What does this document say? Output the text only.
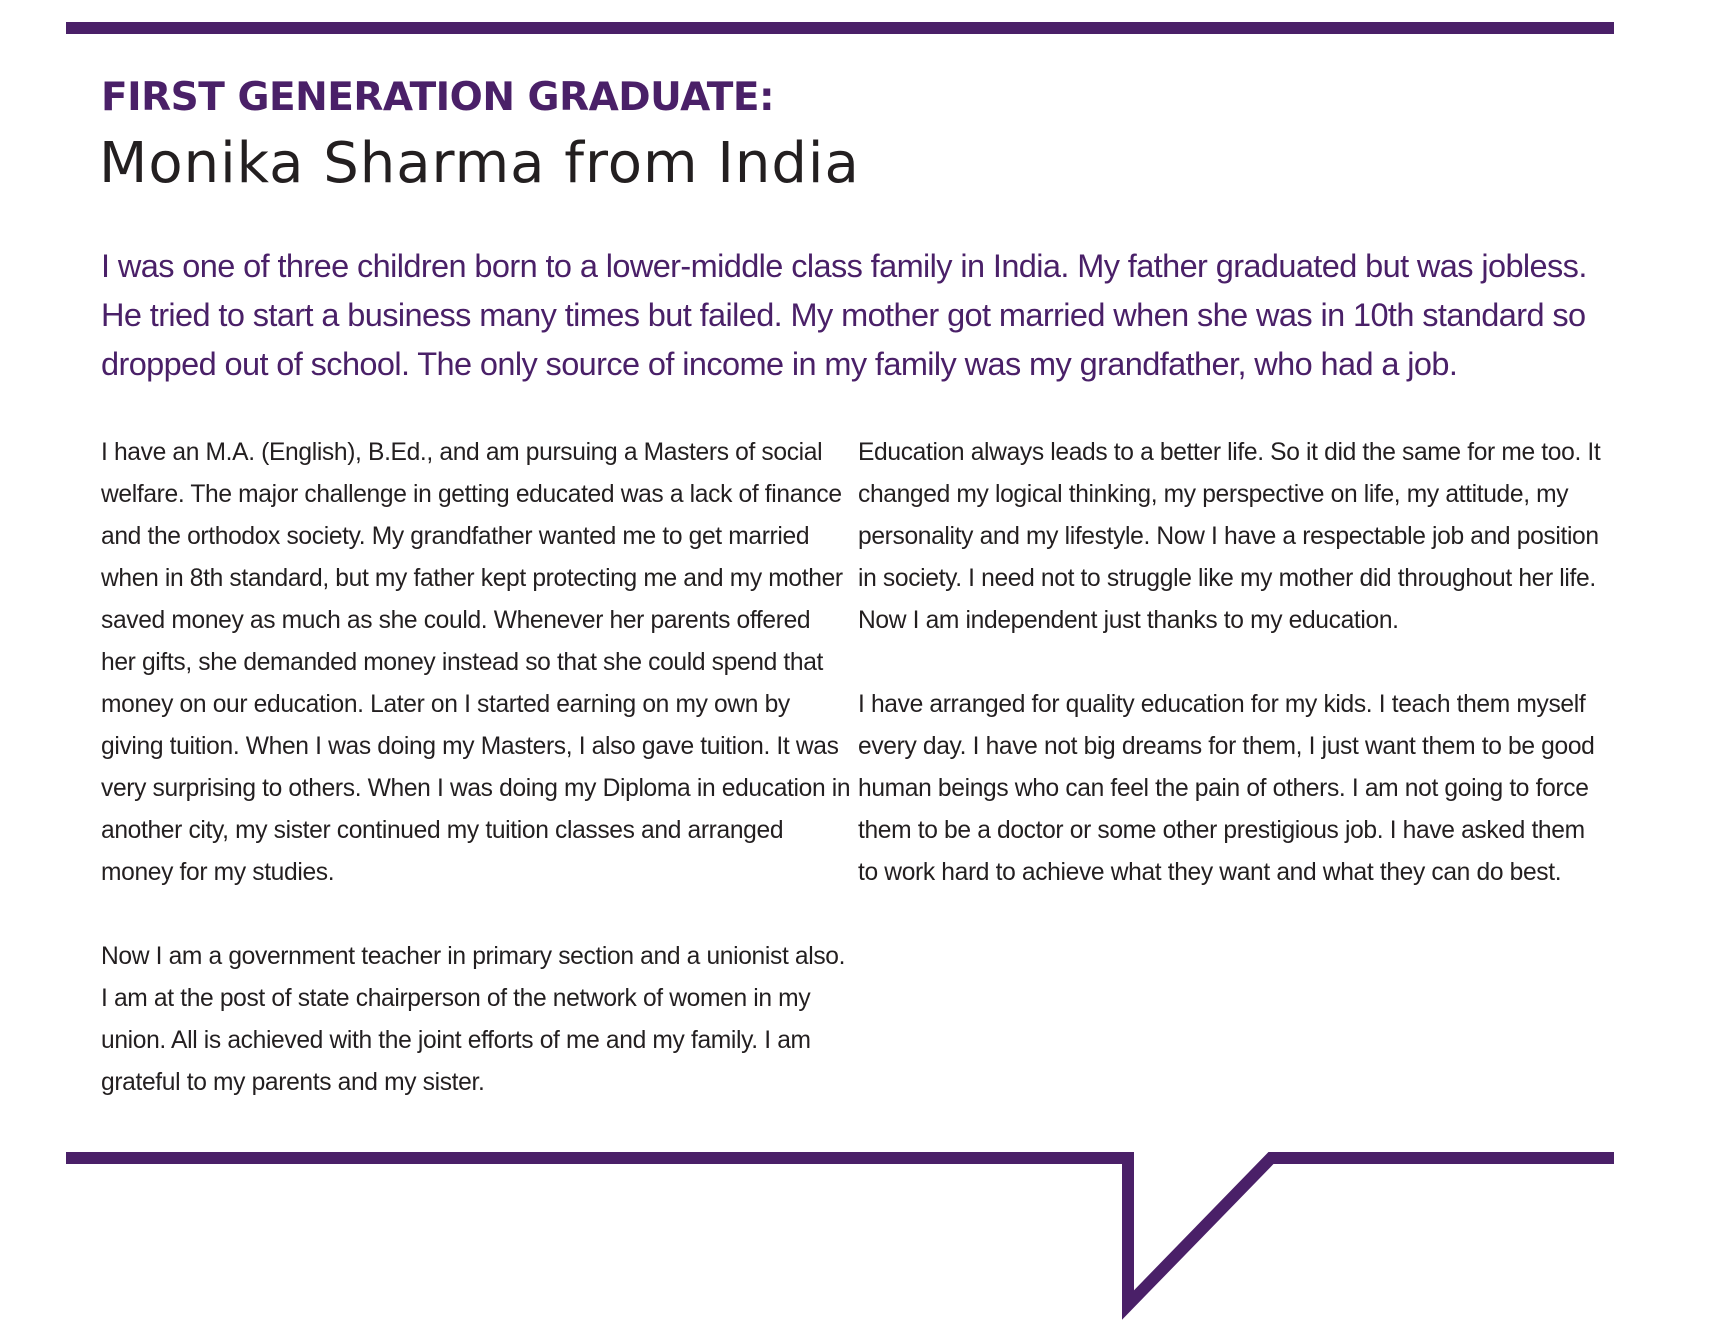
FIRST GENERATION GRADUATE:
Monika Sharma from India
I was one of three children born to a lower-middle class family in India. My father graduated but was jobless. He tried to start a business many times but failed. My mother got married when she was in 10th standard so dropped out of school. The only source of income in my family was my grandfather, who had a job.

I have an M.A. (English), B.Ed., and am pursuing a Masters of social welfare. The major challenge in getting educated was a lack of finance and the orthodox society. My grandfather wanted me to get married when in 8th standard, but my father kept protecting me and my mother saved money as much as she could. Whenever her parents offered her gifts, she demanded money instead so that she could spend that money on our education. Later on I started earning on my own by giving tuition. When I was doing my Masters, I also gave tuition. It was very surprising to others. When I was doing my Diploma in education in another city, my sister continued my tuition classes and arranged money for my studies.

Now I am a government teacher in primary section and a unionist also. I am at the post of state chairperson of the network of women in my union. All is achieved with the joint efforts of me and my family. I am grateful to my parents and my sister.

Education always leads to a better life. So it did the same for me too. It changed my logical thinking, my perspective on life, my attitude, my personality and my lifestyle. Now I have a respectable job and position in society. I need not to struggle like my mother did throughout her life. Now I am independent just thanks to my education.

I have arranged for quality education for my kids. I teach them myself every day. I have not big dreams for them, I just want them to be good human beings who can feel the pain of others. I am not going to force them to be a doctor or some other prestigious job. I have asked them to work hard to achieve what they want and what they can do best.
